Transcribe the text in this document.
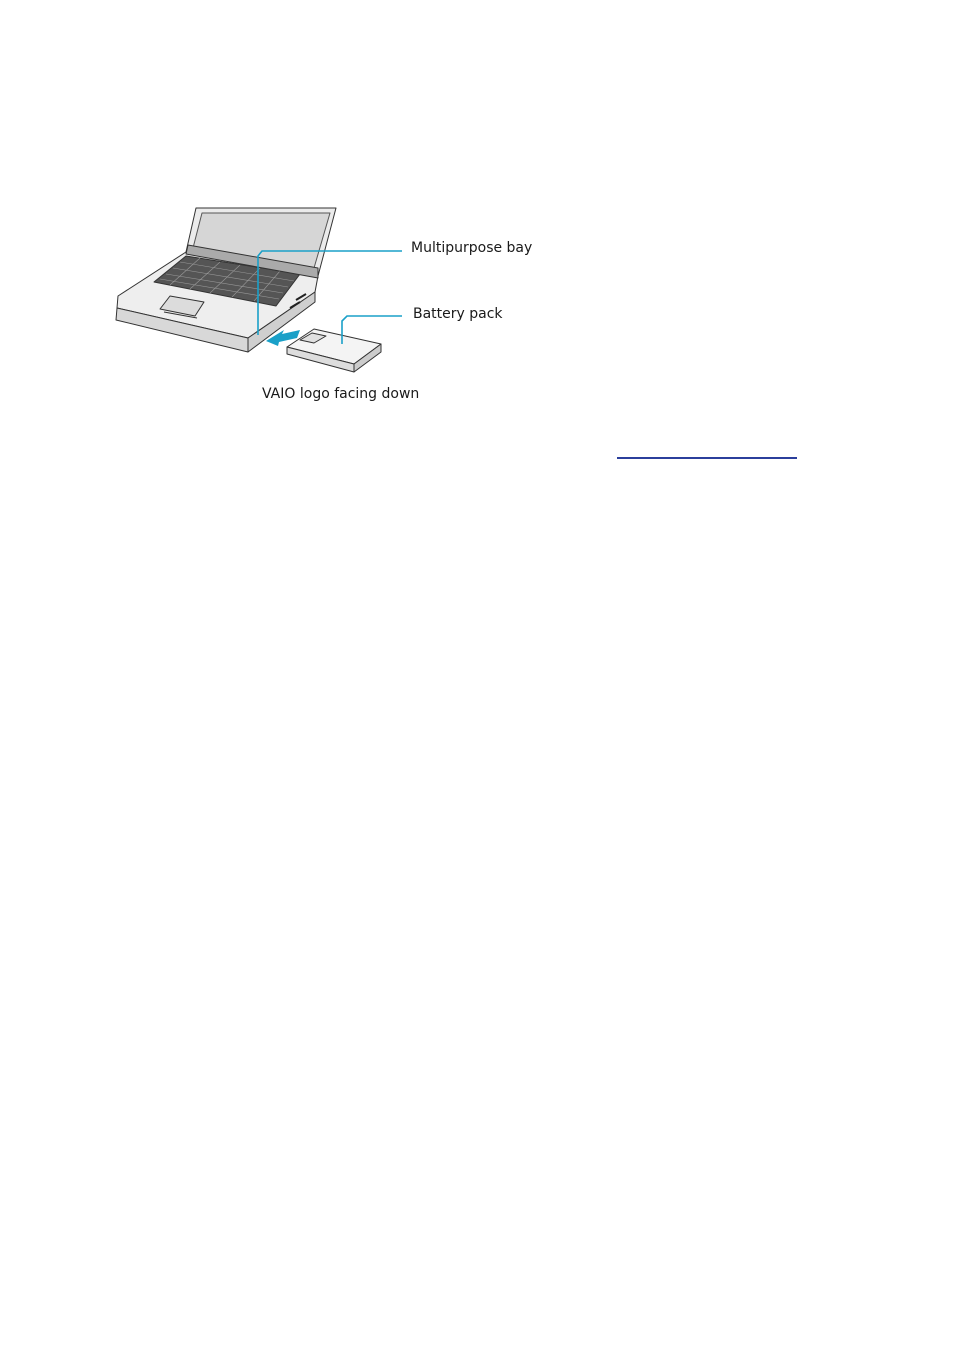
Multipurpose bay
Battery pack
VAIO logo facing down
